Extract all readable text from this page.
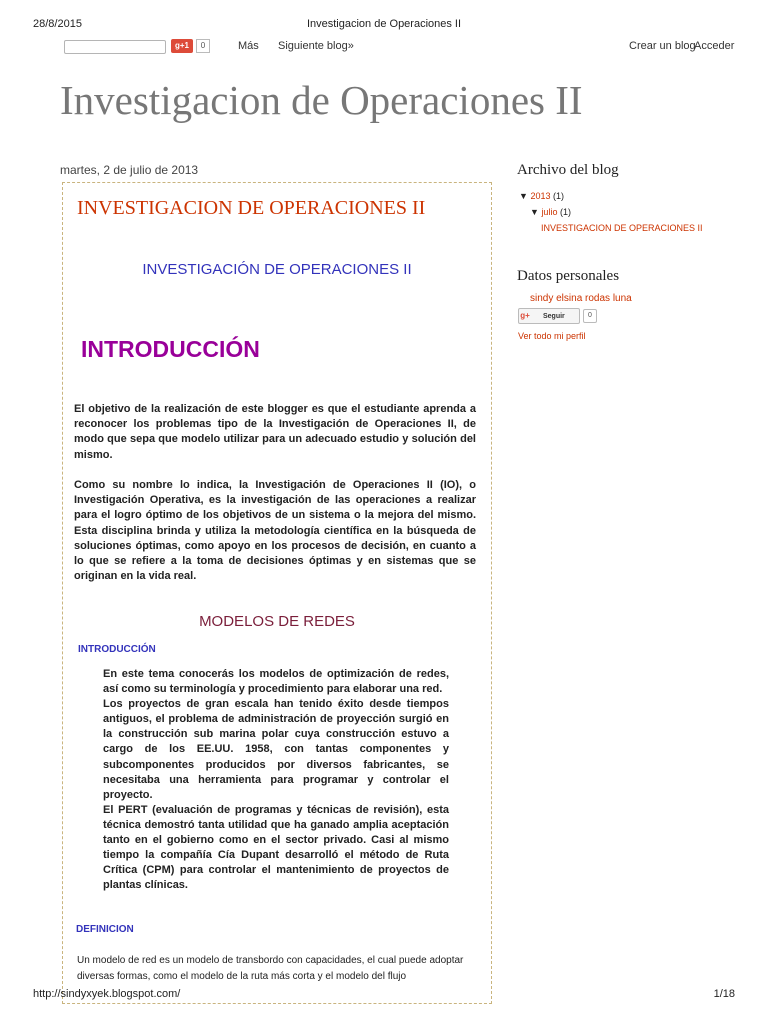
28/8/2015	Investigacion de Operaciones II
g+1	0	Más Siguiente blog»	Crear un blog
Acceder
Investigacion de Operaciones II
martes, 2 de julio de 2013
INVESTIGACION DE OPERACIONES II
INVESTIGACIÓN DE OPERACIONES II
INTRODUCCIÓN
El objetivo de la realización de este blogger es que el estudiante aprenda a reconocer los problemas tipo de la Investigación de Operaciones II, de modo que sepa que modelo utilizar para un adecuado estudio y solución del mismo.
Como su nombre lo indica, la Investigación de Operaciones II (IO), o Investigación Operativa, es la investigación de las operaciones a realizar para el logro óptimo de los objetivos de un sistema o la mejora del mismo. Esta disciplina brinda y utiliza la metodología científica en la búsqueda de soluciones óptimas, como apoyo en los procesos de decisión, en cuanto a lo que se refiere a la toma de decisiones óptimas y en sistemas que se originan en la vida real.
MODELOS DE REDES
INTRODUCCIÓN
En este tema conocerás los modelos de optimización de redes, así como su terminología y procedimiento para elaborar una red.
Los proyectos de gran escala han tenido éxito desde tiempos antiguos, el problema de administración de proyección surgió en la construcción sub marina polar cuya construcción estuvo a cargo de los EE.UU. 1958, con tantas componentes y subcomponentes producidos por diversos fabricantes, se necesitaba una herramienta para programar y controlar el proyecto.
El PERT (evaluación de programas y técnicas de revisión), esta técnica demostró tanta utilidad que ha ganado amplia aceptación tanto en el gobierno como en el sector privado. Casi al mismo tiempo la compañía Cía Dupant desarrolló el método de Ruta Crítica (CPM) para controlar el mantenimiento de proyectos de plantas clínicas.
DEFINICION
Un modelo de red es un modelo de transbordo con capacidades, el cual puede adoptar diversas formas, como el modelo de la ruta más corta y el modelo del flujo
Archivo del blog
▼ 2013 (1)
▼ julio (1)
INVESTIGACION DE OPERACIONES II
Datos personales
sindy elsina rodas luna
g+ Seguir	0
Ver todo mi perfil
http://sindyxyek.blogspot.com/	1/18
